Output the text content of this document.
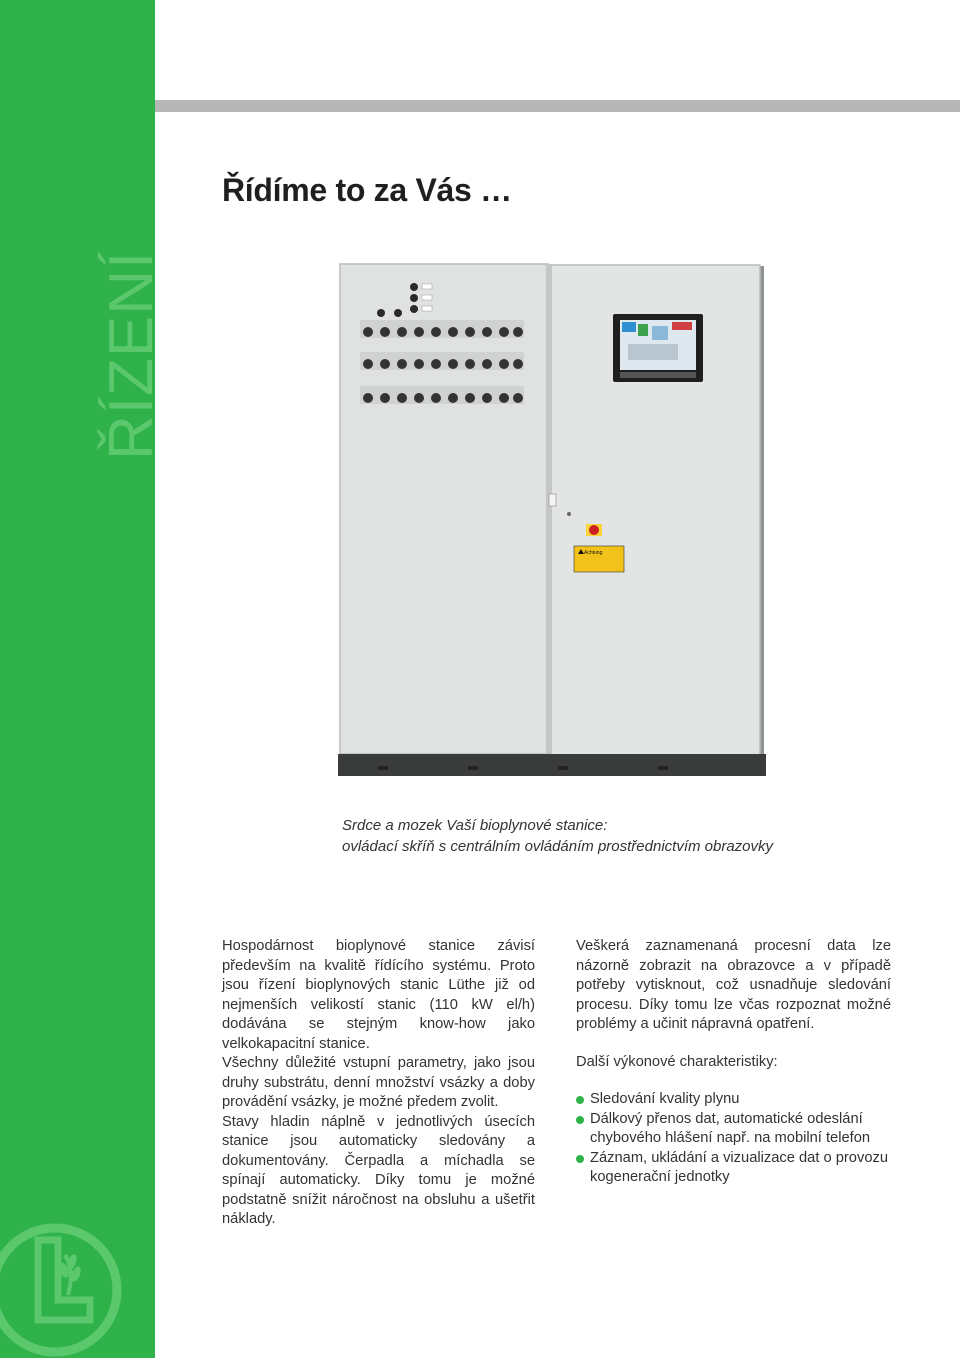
ŘÍZENÍ
Řídíme to za Vás …
Achtung
Srdce a mozek Vaší bioplynové stanice:
ovládací skříň s centrálním ovládáním prostřednictvím obrazovky

Hospodárnost bioplynové stanice závisí především na kvalitě řídícího systému. Proto jsou řízení bioplynových stanic Lüthe již od nejmenších velikostí stanic (110 kW el/h) dodávána se stejným know-how jako velkokapacitní stanice.

Všechny důležité vstupní parametry, jako jsou druhy substrátu, denní množství vsázky a doby provádění vsázky, je možné předem zvolit.

Stavy hladin náplně v jednotlivých úsecích stanice jsou automaticky sledovány a dokumentovány. Čerpadla a míchadla se spínají automaticky. Díky tomu je možné podstatně snížit náročnost na obsluhu a ušetřit náklady.

Veškerá zaznamenaná procesní data lze názorně zobrazit na obrazovce a v případě potřeby vytisknout, což usnadňuje sledování procesu. Díky tomu lze včas rozpoznat možné problémy a učinit nápravná opatření.

Další výkonové charakteristiky:

Sledování kvality plynu
Dálkový přenos dat, automatické odeslání chybového hlášení např. na mobilní telefon
Záznam, ukládání a vizualizace dat o provozu kogenerační jednotky
